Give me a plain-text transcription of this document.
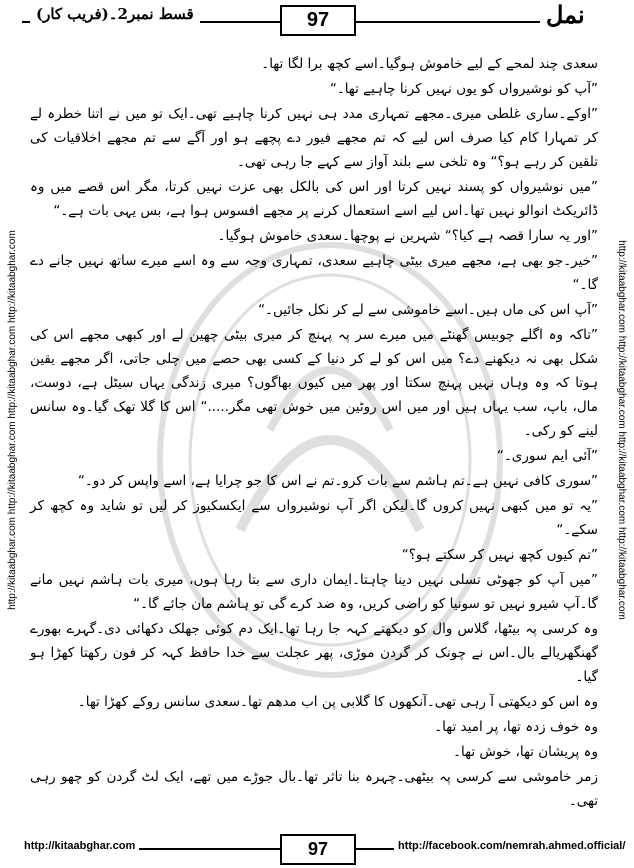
قسط نمبر2۔(فریب کار)	97	نمل
http://kitaabghar.com http://kitaabghar.com http://kitaabghar.com http://kitaabghar.com	http://kitaabghar.com http://kitaabghar.com http://kitaabghar.com http://kitaabghar.com

سعدی چند لمحے کے لیے خاموش ہوگیا۔اسے کچھ برا لگا تھا۔

”آپ کو نوشیرواں کو یوں نہیں کرنا چاہیے تھا۔“

”اوکے۔ساری غلطی میری۔مجھے تمہاری مدد ہی نہیں کرنا چاہیے تھی۔ایک تو میں نے اتنا خطرہ لے کر تمہارا کام کیا صرف اس لیے کہ تم مجھے فیور دے پچھے ہو اور آگے سے تم مجھے اخلاقیات کی تلقین کر رہے ہو؟“ وہ تلخی سے بلند آواز سے کہے جا رہی تھی۔

”میں نوشیرواں کو پسند نہیں کرتا اور اس کی بالکل بھی عزت نہیں کرتا، مگر اس قصے میں وہ ڈائریکٹ انوالو نہیں تھا۔اس لیے اسے استعمال کرنے پر مجھے افسوس ہوا ہے، بس یہی بات ہے۔“

”اور یہ سارا قصہ ہے کیا؟“ شہرین نے پوچھا۔سعدی خاموش ہوگیا۔

”خیر۔جو بھی ہے، مجھے میری بیٹی چاہیے سعدی، تمہاری وجہ سے وہ اسے میرے ساتھ نہیں جانے دے گا۔“

”آپ اس کی ماں ہیں۔اسے خاموشی سے لے کر نکل جائیں۔“

”تاکہ وہ اگلے چوبیس گھنٹے میں میرے سر پہ پہنچ کر میری بیٹی چھین لے اور کبھی مجھے اس کی شکل بھی نہ دیکھنے دے؟ میں اس کو لے کر دنیا کے کسی بھی حصے میں چلی جاتی، اگر مجھے یقین ہوتا کہ وہ وہاں نہیں پہنچ سکتا اور پھر میں کیوں بھاگوں؟ میری زندگی یہاں سیٹل ہے، دوست، مال، باپ، سب یہاں ہیں اور میں اس روٹین میں خوش تھی مگر.....“ اس کا گلا تھک گیا۔وہ سانس لینے کو رکی۔

”آئی ایم سوری۔“

”سوری کافی نہیں ہے۔تم ہاشم سے بات کرو۔تم نے اس کا جو چرایا ہے، اسے واپس کر دو۔“

”یہ تو میں کبھی نہیں کروں گا۔لیکن اگر آپ نوشیرواں سے ایکسکیوز کر لیں تو شاید وہ کچھ کر سکے۔“

”تم کیوں کچھ نہیں کر سکتے ہو؟“

”میں آپ کو جھوٹی تسلی نہیں دینا چاہتا۔ایمان داری سے بتا رہا ہوں، میری بات ہاشم نہیں مانے گا۔آپ شیرو نہیں تو سونیا کو راضی کریں، وہ ضد کرے گی تو ہاشم مان جائے گا۔“

وہ کرسی پہ بیٹھا، گلاس وال کو دیکھتے کہہ جا رہا تھا۔ایک دم کوئی جھلک دکھائی دی۔گہرے بھورے گھنگھریالے بال۔اس نے چونک کر گردن موڑی، پھر عجلت سے خدا حافظ کہہ کر فون رکھتا کھڑا ہو گیا۔

وہ اس کو دیکھتی آ رہی تھی۔آنکھوں کا گلابی پن اب مدھم تھا۔سعدی سانس روکے کھڑا تھا۔

وہ خوف زدہ تھا، پر امید تھا۔

وہ پریشان تھا، خوش تھا۔

زمر خاموشی سے کرسی پہ بیٹھی۔چہرہ بنا تاثر تھا۔بال جوڑے میں تھے، ایک لٹ گردن کو چھو رہی تھی۔

http://kitaabghar.com	97	http://facebook.com/nemrah.ahmed.official/
